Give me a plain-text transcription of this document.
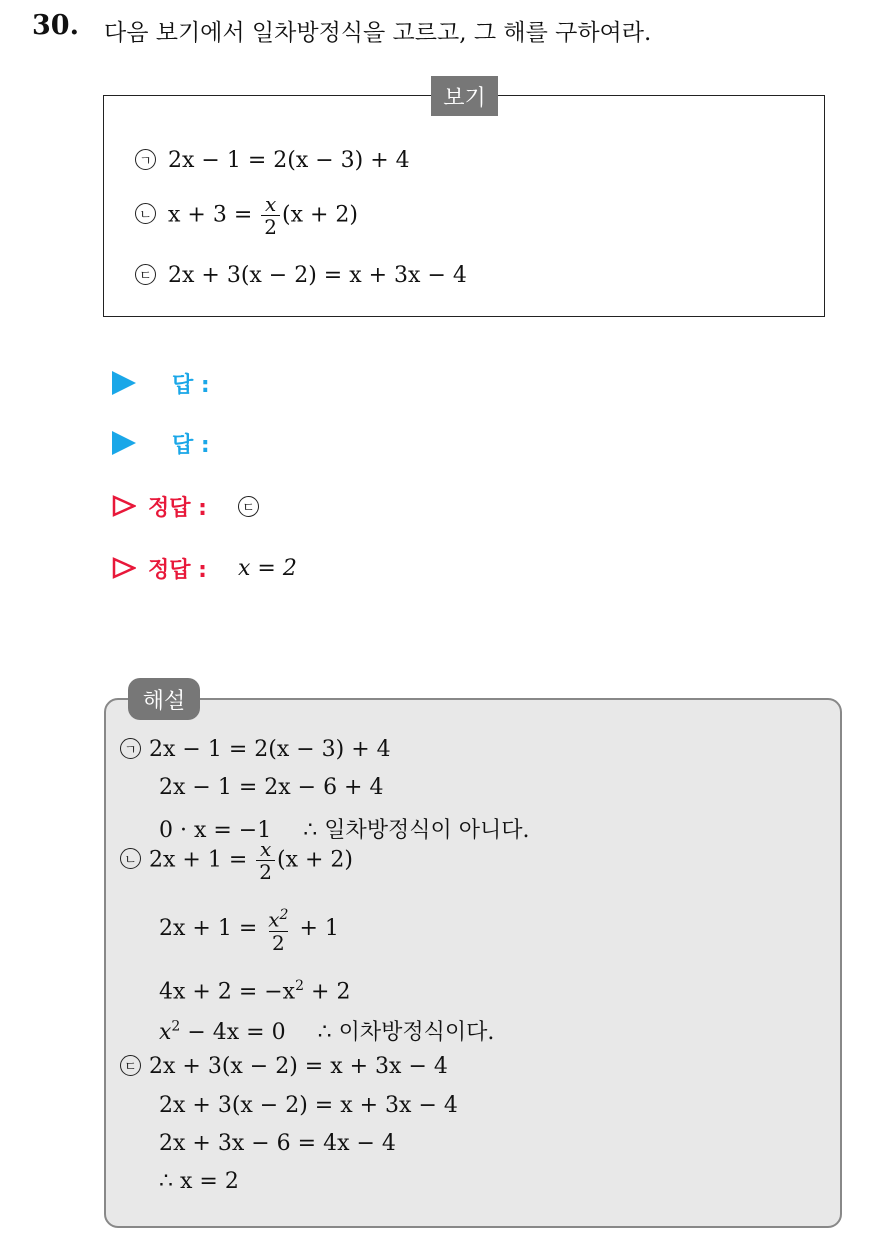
30. 다음 보기에서 일차방정식을 고르고, 그 해를 구하여라.
보기
ㄱ 2x − 1 = 2(x − 3) + 4
ㄴ $x + 3 = \frac{x}{2} (x + 2)$
ㄷ 2x + 3(x − 2) = x + 3x − 4
답 :
답 :
정답 :	ㄷ
정답 : x = 2
해설
ㄱ 2x − 1 = 2(x − 3) + 4
2x − 1 = 2x − 6 + 4
0 · x = −1 ∴ 일차방정식이 아니다.
ㄴ $2x + 1 = \frac{x}{2} (x + 2)$
$2x + 1 = \frac{x^2}{2} + 1$
$4x + 2 = -x^2 + 2$
$x^2 - 4x = 0$ ∴ 이차방정식이다.
ㄷ 2x + 3(x − 2) = x + 3x − 4
2x + 3(x − 2) = x + 3x − 4
2x + 3x − 6 = 4x − 4
∴ x = 2
